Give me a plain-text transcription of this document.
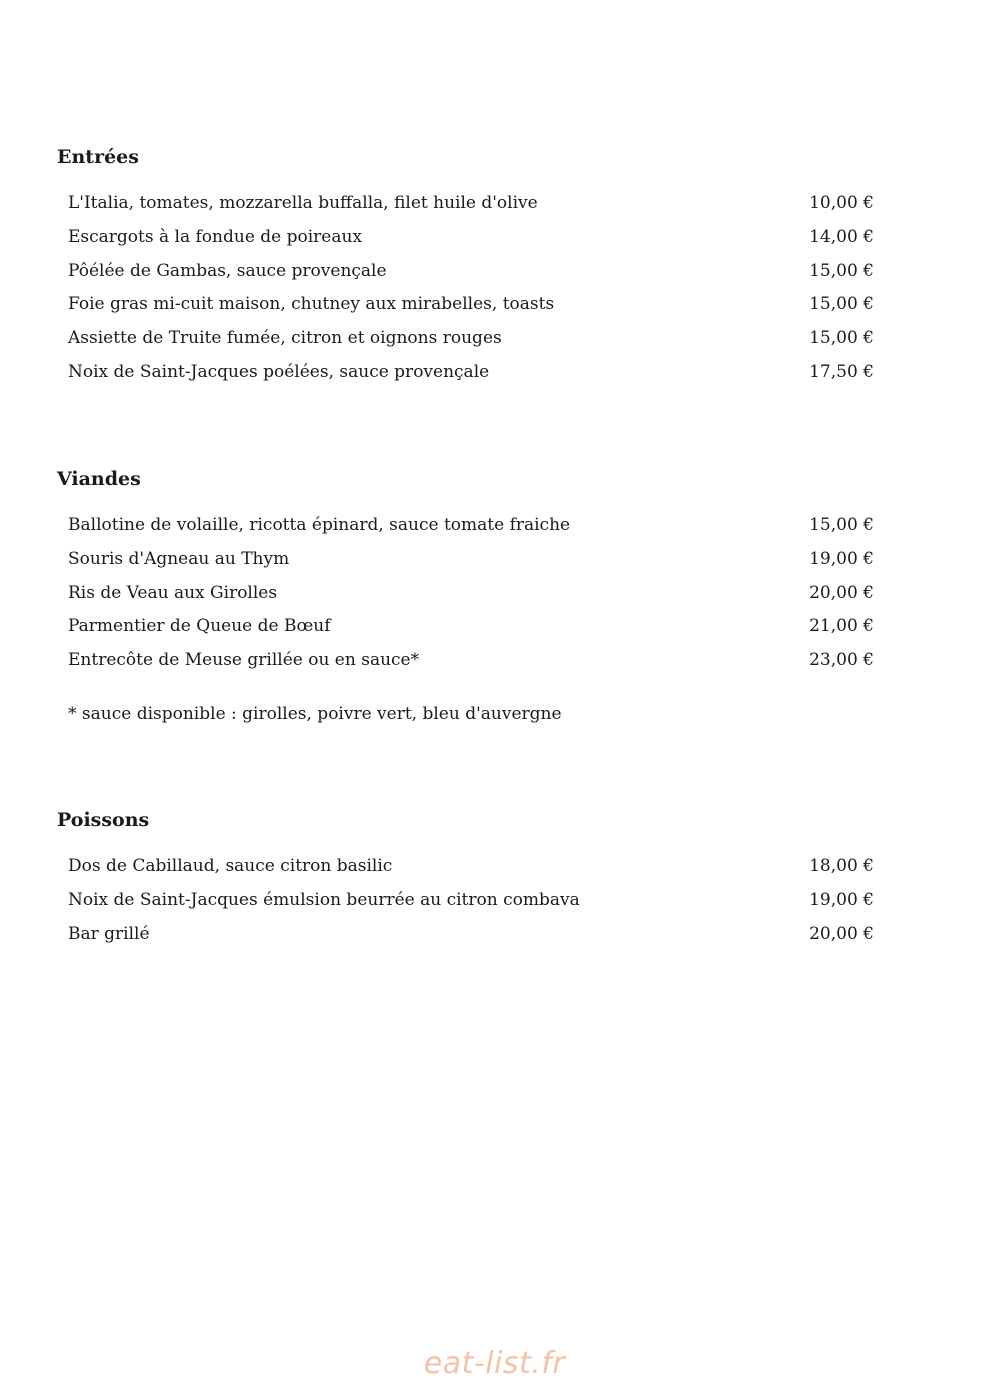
Entrées
L'Italia, tomates, mozzarella buffalla, filet huile d'olive	10,00 €
Escargots à la fondue de poireaux	14,00 €
Pôélée de Gambas, sauce provençale	15,00 €
Foie gras mi-cuit maison, chutney aux mirabelles, toasts	15,00 €
Assiette de Truite fumée, citron et oignons rouges	15,00 €
Noix de Saint-Jacques poélées, sauce provençale	17,50 €
Viandes
Ballotine de volaille, ricotta épinard, sauce tomate fraiche	15,00 €
Souris d'Agneau au Thym	19,00 €
Ris de Veau aux Girolles	20,00 €
Parmentier de Queue de Bœuf	21,00 €
Entrecôte de Meuse grillée ou en sauce*	23,00 €
* sauce disponible : girolles, poivre vert, bleu d'auvergne
Poissons
Dos de Cabillaud, sauce citron basilic	18,00 €
Noix de Saint-Jacques émulsion beurrée au citron combava	19,00 €
Bar grillé	20,00 €
eat-list.fr
